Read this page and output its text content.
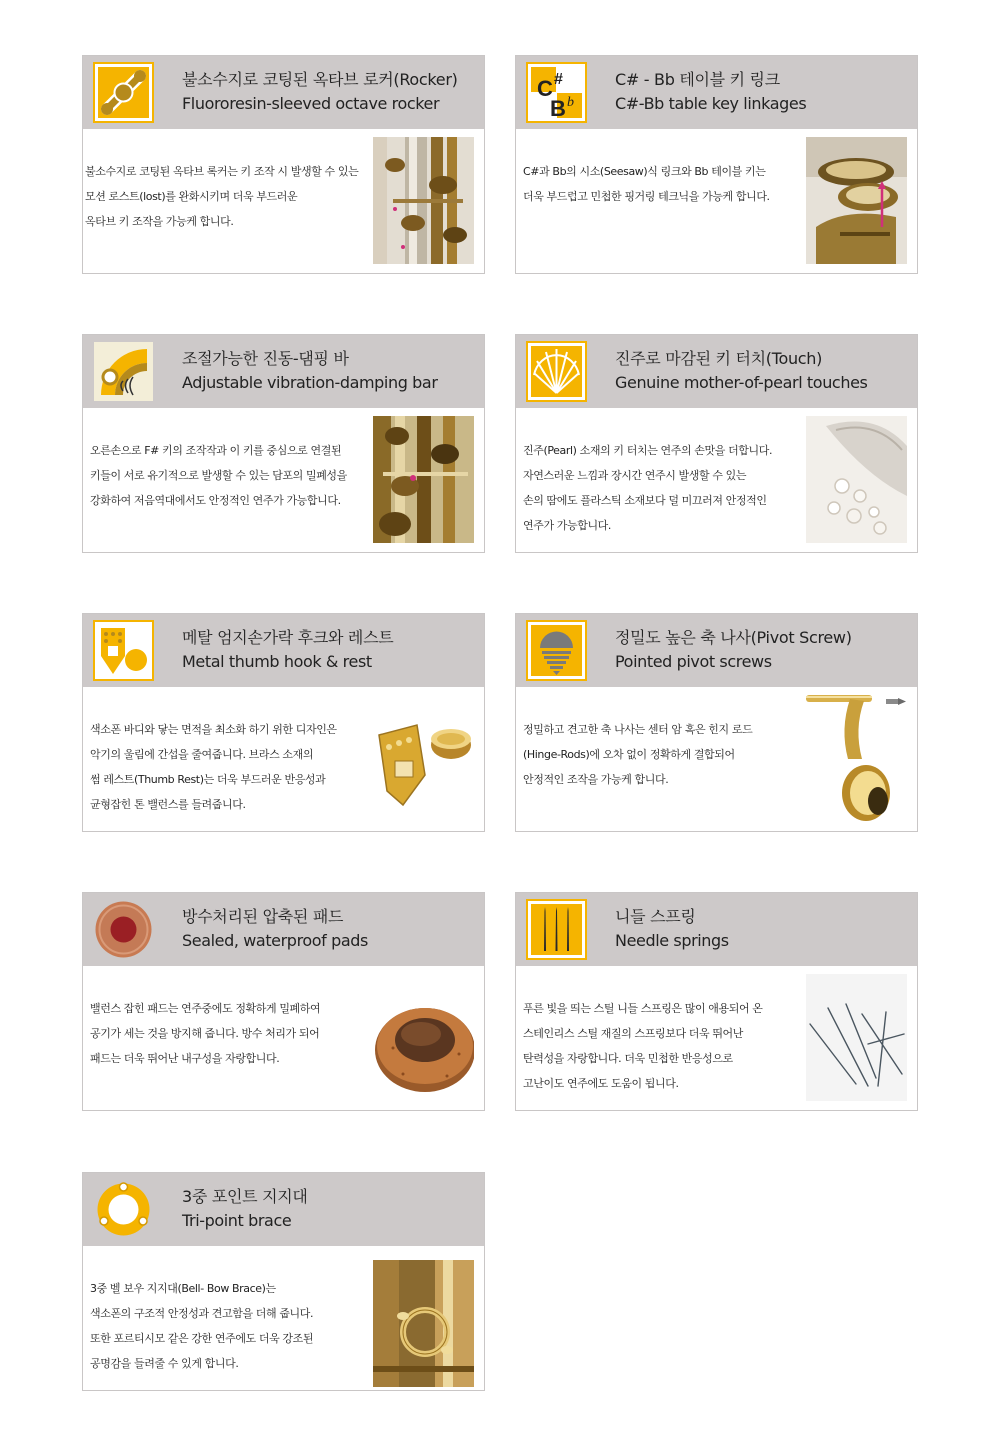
불소수지로 코팅된 옥타브 로커(Rocker)
Fluororesin-sleeved octave rocker
불소수지로 코팅된 옥타브 록커는 키 조작 시 발생할 수 있는
모션 로스트(lost)를 완화시키며 더욱 부드러운
옥타브 키 조작을 가능케 합니다.
C #
B b
C# - Bb 테이블 키 링크
C#-Bb table key linkages
C#과 Bb의 시소(Seesaw)식 링크와 Bb 테이블 키는
더욱 부드럽고 민첩한 핑거링 테크닉을 가능케 합니다.
조절가능한 진동-댐핑 바
Adjustable vibration-damping bar
오른손으로 F# 키의 조작작과 이 키를 중심으로 연결된
키들이 서로 유기적으로 발생할 수 있는 담포의 밀폐성을
강화하여 저음역대에서도 안정적인 연주가 가능합니다.
진주로 마감된 키 터치(Touch)
Genuine mother-of-pearl touches
진주(Pearl) 소재의 키 터치는 연주의 손맛을 더합니다.
자연스러운 느낌과 장시간 연주시 발생할 수 있는
손의 땀에도 플라스틱 소재보다 덜 미끄러져 안정적인
연주가 가능합니다.
메탈 엄지손가락 후크와 레스트
Metal thumb hook & rest
색소폰 바디와 닿는 면적을 최소화 하기 위한 디자인은
악기의 울림에 간섭을 줄여줍니다. 브라스 소재의
썸 레스트(Thumb Rest)는 더욱 부드러운 반응성과
균형잡힌 톤 밸런스를 들려줍니다.
정밀도 높은 축 나사(Pivot Screw)
Pointed pivot screws
정밀하고 견고한 축 나사는 센터 암 혹은 힌지 로드
(Hinge-Rods)에 오차 없이 정확하게 결합되어
안정적인 조작을 가능케 합니다.
방수처리된 압축된 패드
Sealed, waterproof pads
밸런스 잡힌 패드는 연주중에도 정확하게 밀폐하여
공기가 세는 것을 방지해 줍니다. 방수 처리가 되어
패드는 더욱 뛰어난 내구성을 자랑합니다.
니들 스프링
Needle springs
푸른 빛을 띄는 스틸 니들 스프링은 많이 애용되어 온
스테인리스 스틸 재질의 스프링보다 더욱 뛰어난
탄력성을 자랑합니다. 더욱 민첩한 반응성으로
고난이도 연주에도 도움이 됩니다.
3중 포인트 지지대
Tri-point brace
3중 벨 보우 지지대(Bell- Bow Brace)는
색소폰의 구조적 안정성과 견고함을 더해 줍니다.
또한 포르티시모 같은 강한 연주에도 더욱 강조된
공명감을 들려줄 수 있게 합니다.
